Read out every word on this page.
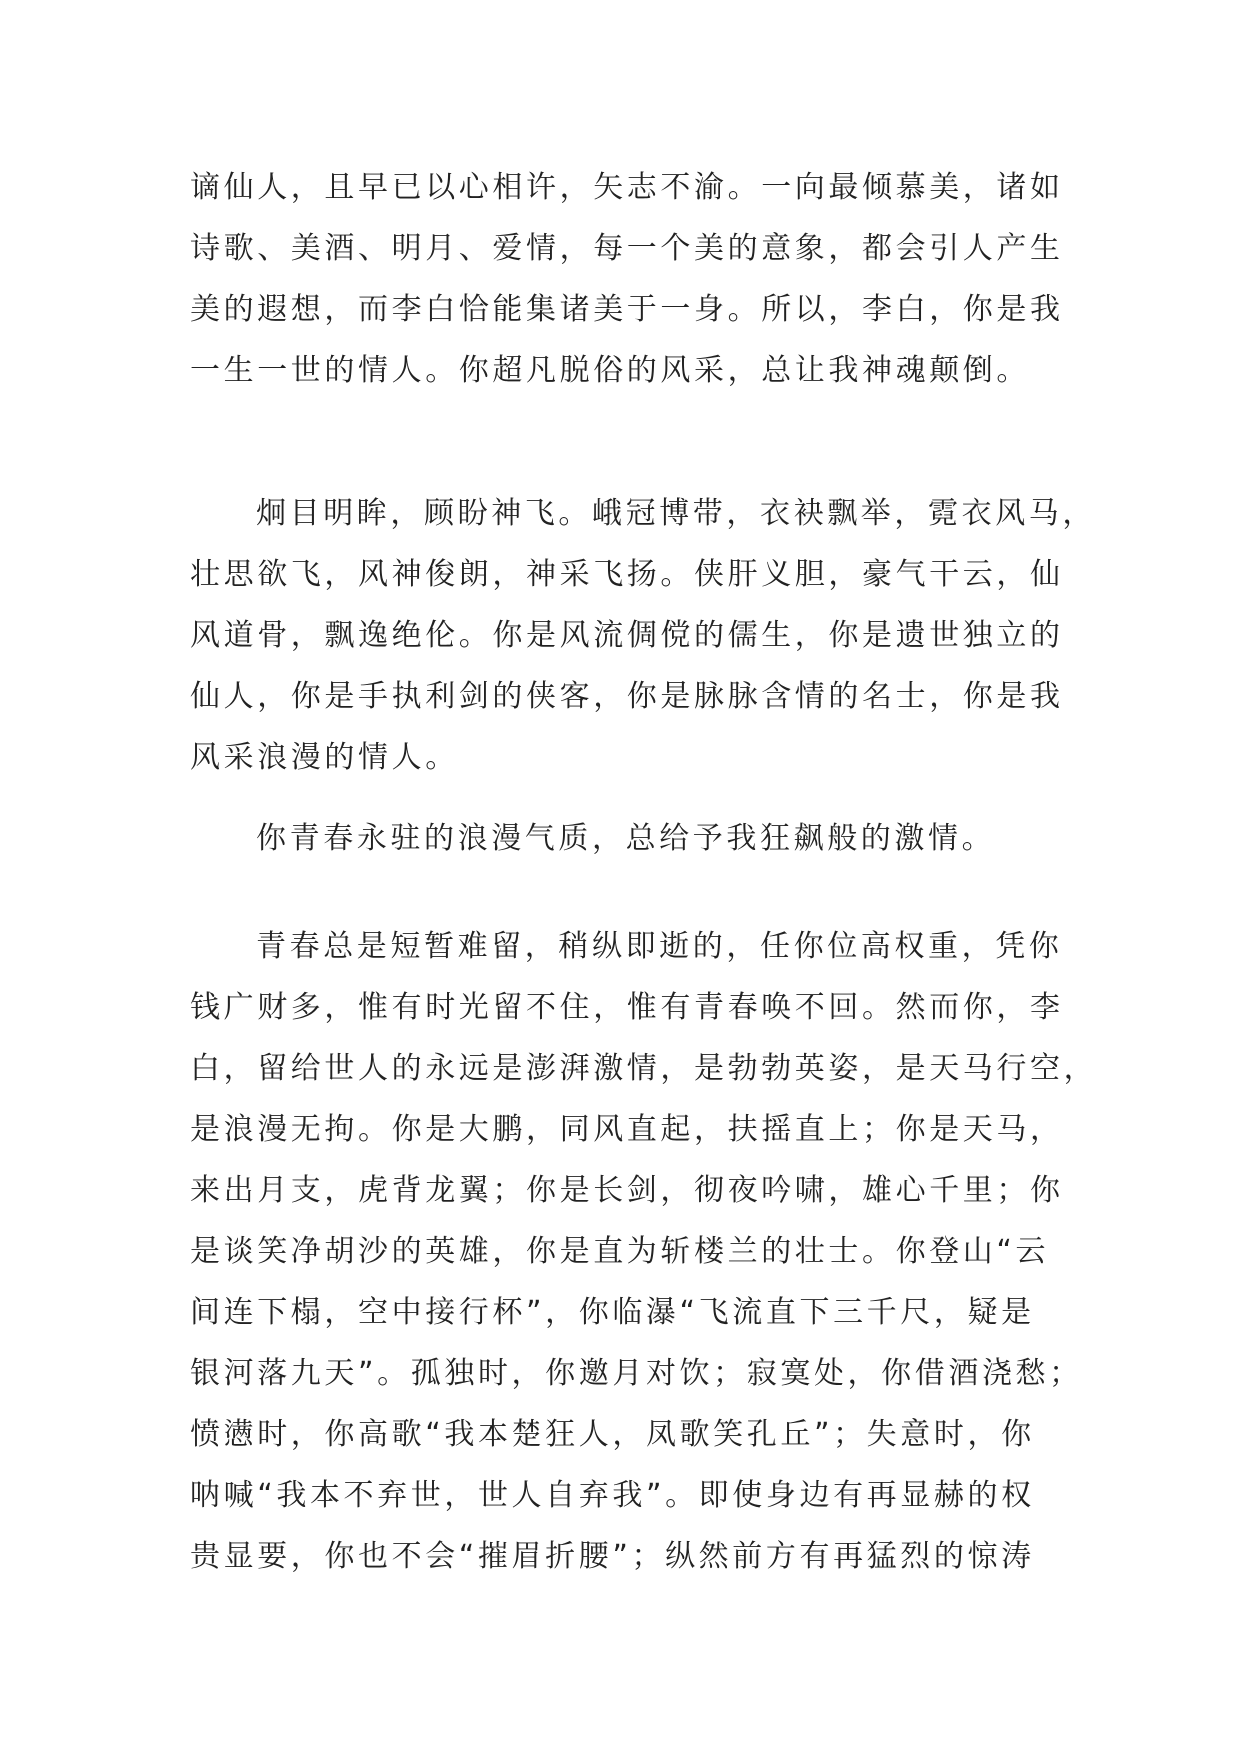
谪仙人，且早已以心相许，矢志不渝。一向最倾慕美，诸如
诗歌、美酒、明月、爱情，每一个美的意象，都会引人产生
美的遐想，而李白恰能集诸美于一身。所以，李白，你是我
一生一世的情人。你超凡脱俗的风采，总让我神魂颠倒。
炯目明眸，顾盼神飞。峨冠博带，衣袂飘举，霓衣风马，
壮思欲飞，风神俊朗，神采飞扬。侠肝义胆，豪气干云，仙
风道骨，飘逸绝伦。你是风流倜傥的儒生，你是遗世独立的
仙人，你是手执利剑的侠客，你是脉脉含情的名士，你是我
风采浪漫的情人。
你青春永驻的浪漫气质，总给予我狂飙般的激情。
青春总是短暂难留，稍纵即逝的，任你位高权重，凭你
钱广财多，惟有时光留不住，惟有青春唤不回。然而你，李
白，留给世人的永远是澎湃激情，是勃勃英姿，是天马行空，
是浪漫无拘。你是大鹏，同风直起，扶摇直上；你是天马，
来出月支，虎背龙翼；你是长剑，彻夜吟啸，雄心千里；你
是谈笑净胡沙的英雄，你是直为斩楼兰的壮士。你登山“云
间连下榻，空中接行杯”，你临瀑“飞流直下三千尺，疑是
银河落九天”。孤独时，你邀月对饮；寂寞处，你借酒浇愁；
愤懑时，你高歌“我本楚狂人，凤歌笑孔丘”；失意时，你
呐喊“我本不弃世，世人自弃我”。即使身边有再显赫的权
贵显要，你也不会“摧眉折腰”；纵然前方有再猛烈的惊涛
